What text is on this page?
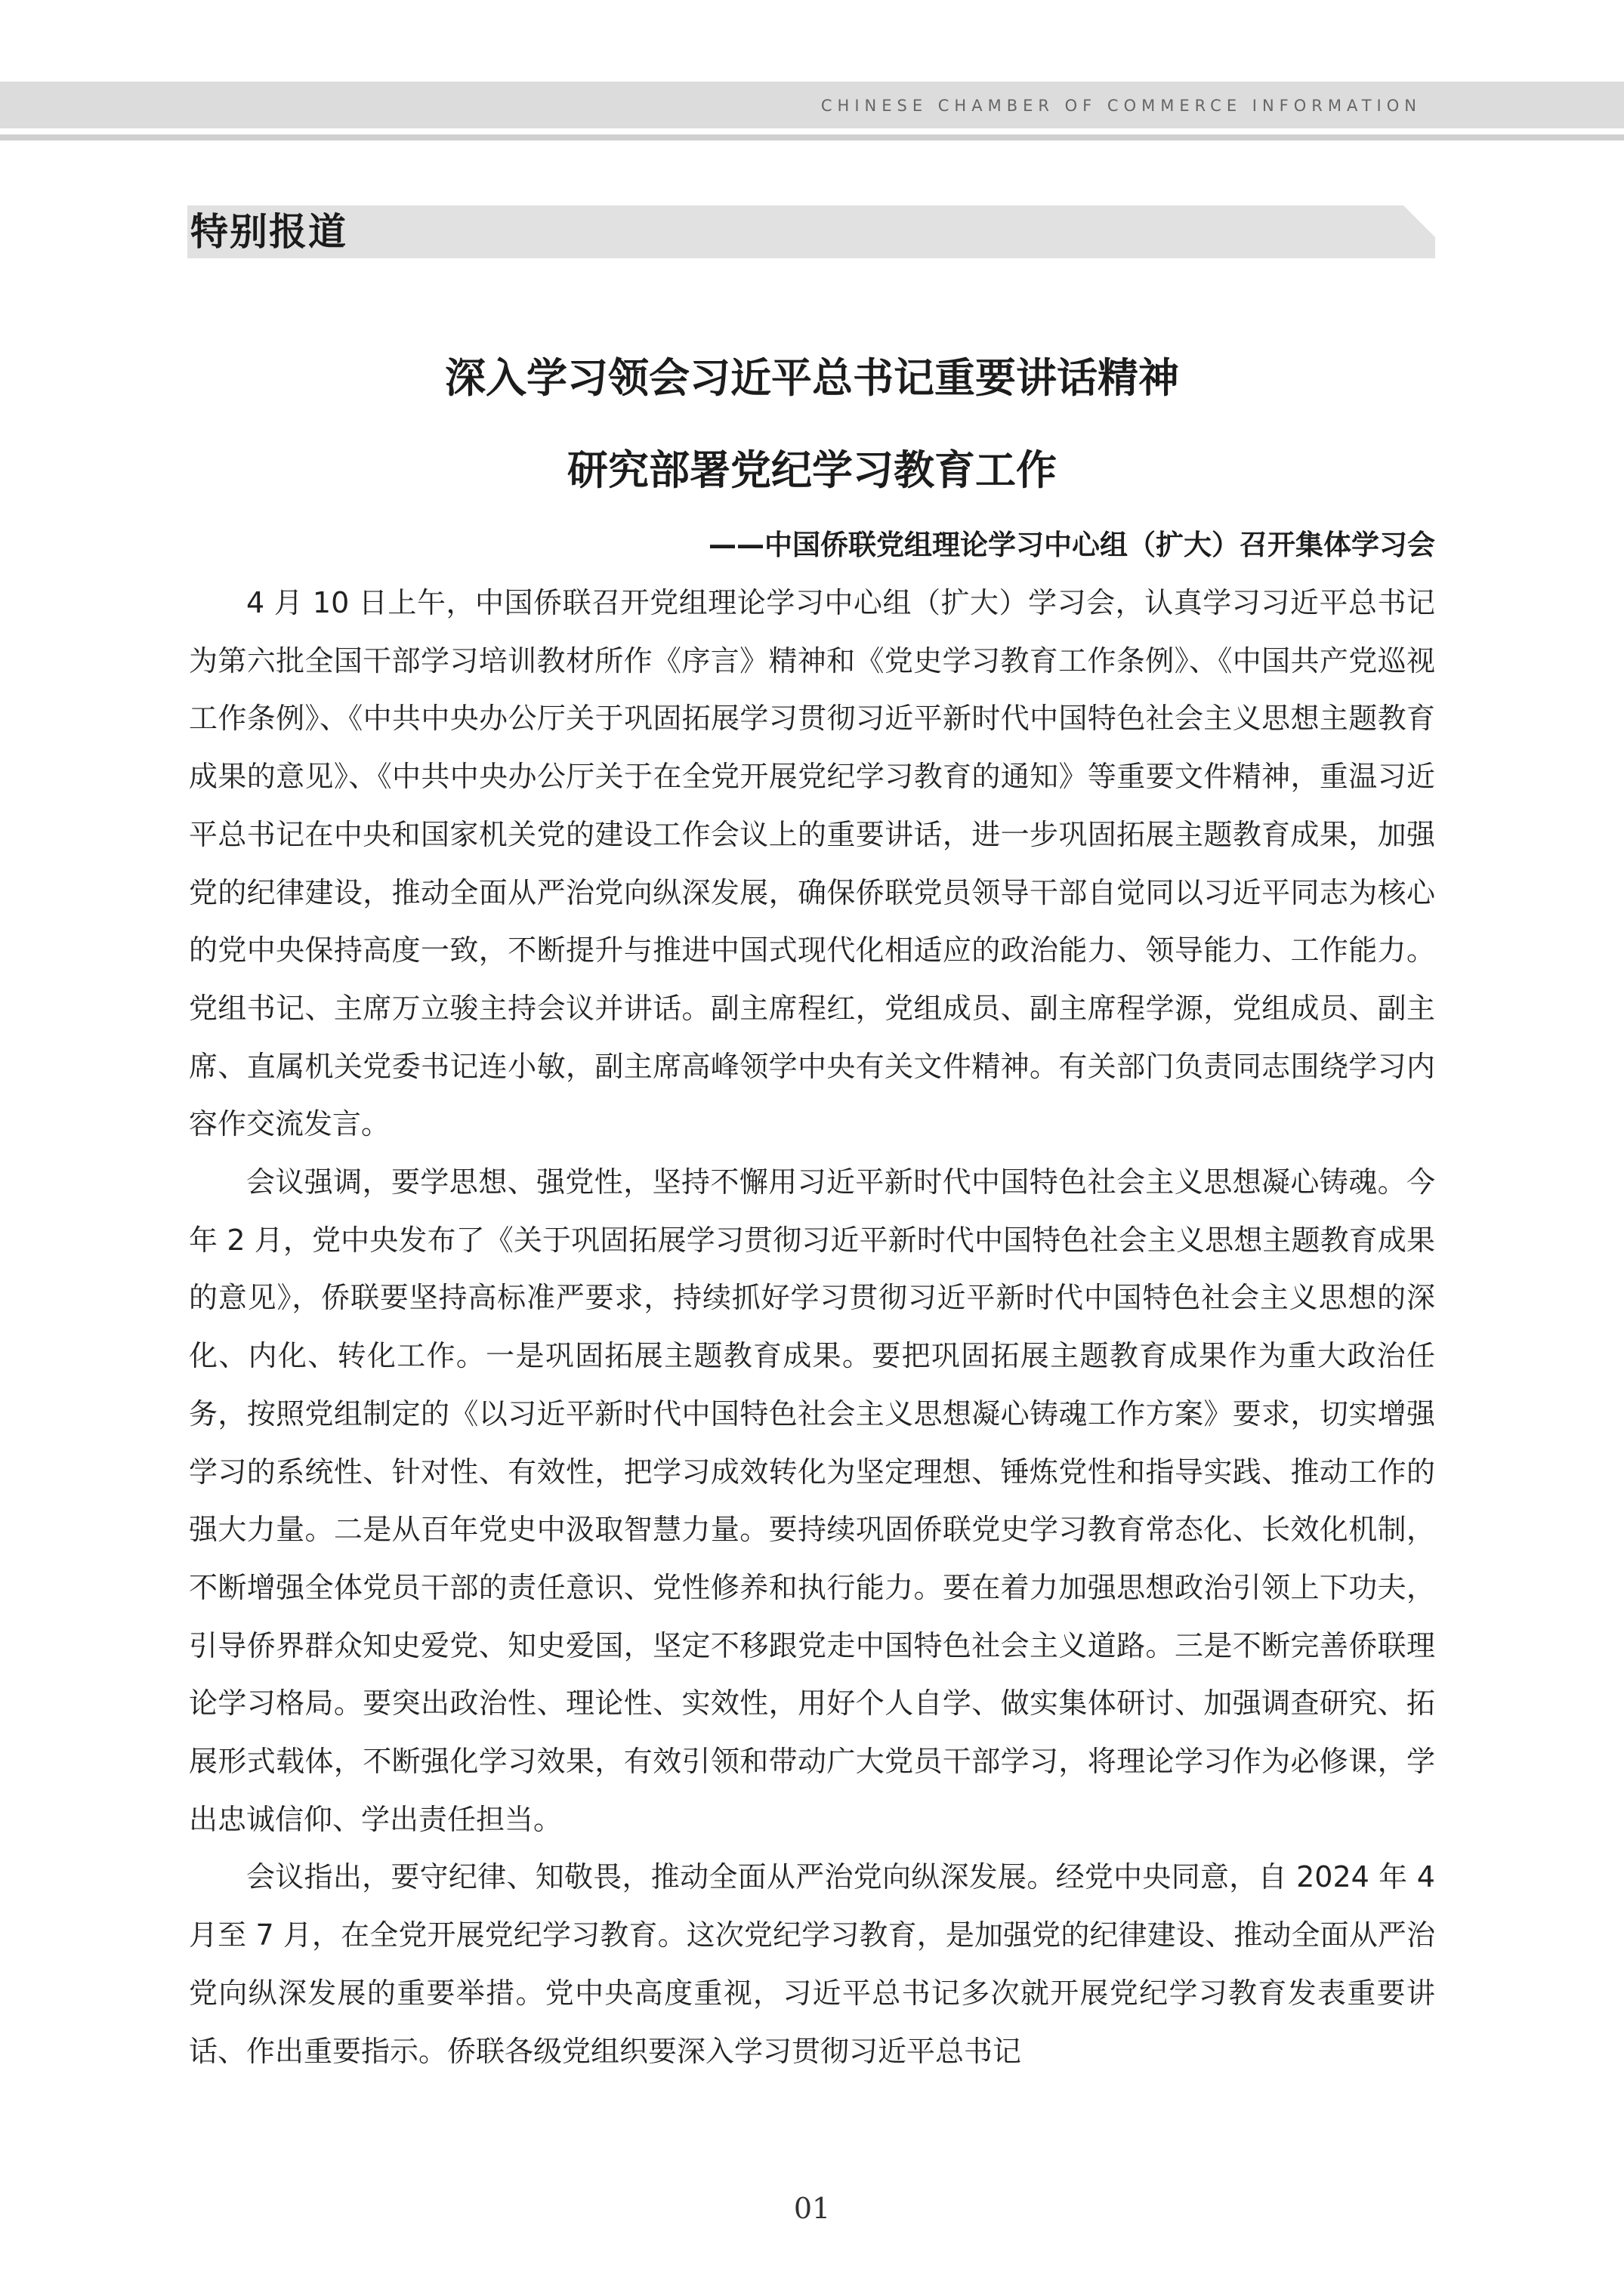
CHINESE CHAMBER OF COMMERCE INFORMATION
特别报道
深入学习领会习近平总书记重要讲话精神
研究部署党纪学习教育工作

——中国侨联党组理论学习中心组（扩大）召开集体学习会

4 月 10 日上午，中国侨联召开党组理论学习中心组（扩大）学习会，认真学习习近平总书记为第六批全国干部学习培训教材所作《序言》精神和《党史学习教育工作条例》、《中国共产党巡视工作条例》、《中共中央办公厅关于巩固拓展学习贯彻习近平新时代中国特色社会主义思想主题教育成果的意见》、《中共中央办公厅关于在全党开展党纪学习教育的通知》等重要文件精神，重温习近平总书记在中央和国家机关党的建设工作会议上的重要讲话，进一步巩固拓展主题教育成果，加强党的纪律建设，推动全面从严治党向纵深发展，确保侨联党员领导干部自觉同以习近平同志为核心的党中央保持高度一致，不断提升与推进中国式现代化相适应的政治能力、领导能力、工作能力。党组书记、主席万立骏主持会议并讲话。副主席程红，党组成员、副主席程学源，党组成员、副主席、直属机关党委书记连小敏，副主席高峰领学中央有关文件精神。有关部门负责同志围绕学习内容作交流发言。

会议强调，要学思想、强党性，坚持不懈用习近平新时代中国特色社会主义思想凝心铸魂。今年 2 月，党中央发布了《关于巩固拓展学习贯彻习近平新时代中国特色社会主义思想主题教育成果的意见》，侨联要坚持高标准严要求，持续抓好学习贯彻习近平新时代中国特色社会主义思想的深化、内化、转化工作。一是巩固拓展主题教育成果。要把巩固拓展主题教育成果作为重大政治任务，按照党组制定的《以习近平新时代中国特色社会主义思想凝心铸魂工作方案》要求，切实增强学习的系统性、针对性、有效性，把学习成效转化为坚定理想、锤炼党性和指导实践、推动工作的强大力量。二是从百年党史中汲取智慧力量。要持续巩固侨联党史学习教育常态化、长效化机制，不断增强全体党员干部的责任意识、党性修养和执行能力。要在着力加强思想政治引领上下功夫，引导侨界群众知史爱党、知史爱国，坚定不移跟党走中国特色社会主义道路。三是不断完善侨联理论学习格局。要突出政治性、理论性、实效性，用好个人自学、做实集体研讨、加强调查研究、拓展形式载体，不断强化学习效果，有效引领和带动广大党员干部学习，将理论学习作为必修课，学出忠诚信仰、学出责任担当。

会议指出，要守纪律、知敬畏，推动全面从严治党向纵深发展。经党中央同意，自 2024 年 4 月至 7 月，在全党开展党纪学习教育。这次党纪学习教育，是加强党的纪律建设、推动全面从严治党向纵深发展的重要举措。党中央高度重视，习近平总书记多次就开展党纪学习教育发表重要讲话、作出重要指示。侨联各级党组织要深入学习贯彻习近平总书记

01
